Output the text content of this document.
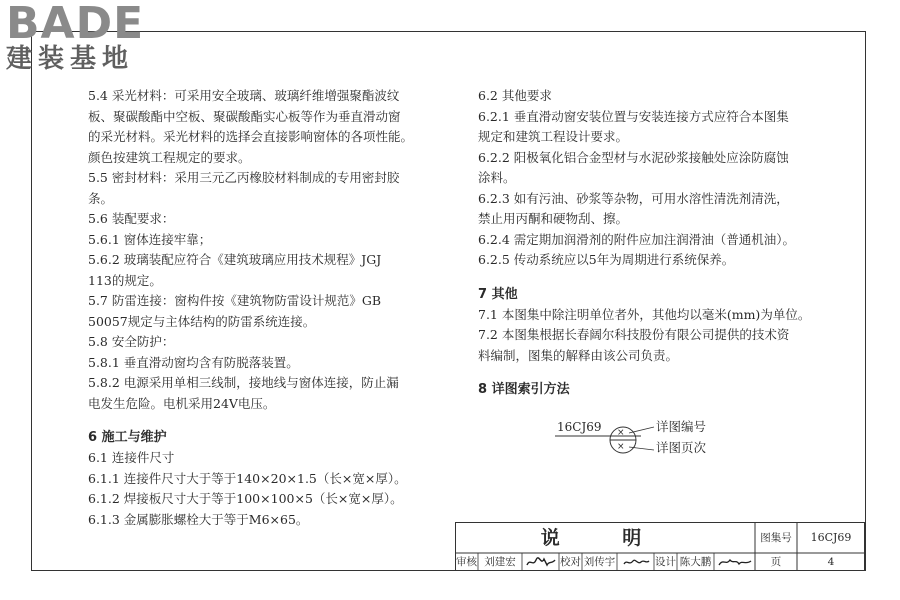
BADE
建装基地
5.4 采光材料：可采用安全玻璃、玻璃纤维增强聚酯波纹
板、聚碳酸酯中空板、聚碳酸酯实心板等作为垂直滑动窗
的采光材料。采光材料的选择会直接影响窗体的各项性能。
颜色按建筑工程规定的要求。
5.5 密封材料：采用三元乙丙橡胶材料制成的专用密封胶
条。
5.6 装配要求：
5.6.1 窗体连接牢靠；
5.6.2 玻璃装配应符合《建筑玻璃应用技术规程》JGJ
113的规定。
5.7 防雷连接：窗构件按《建筑物防雷设计规范》GB
50057规定与主体结构的防雷系统连接。
5.8 安全防护：
5.8.1 垂直滑动窗均含有防脱落装置。
5.8.2 电源采用单相三线制，接地线与窗体连接，防止漏
电发生危险。电机采用24V电压。
6 施工与维护
6.1 连接件尺寸
6.1.1 连接件尺寸大于等于140×20×1.5（长×宽×厚）。
6.1.2 焊接板尺寸大于等于100×100×5（长×宽×厚）。
6.1.3 金属膨胀螺栓大于等于M6×65。
6.2 其他要求
6.2.1 垂直滑动窗安装位置与安装连接方式应符合本图集
规定和建筑工程设计要求。
6.2.2 阳极氧化铝合金型材与水泥砂浆接触处应涂防腐蚀
涂料。
6.2.3 如有污油、砂浆等杂物，可用水溶性清洗剂清洗，
禁止用丙酮和硬物刮、擦。
6.2.4 需定期加润滑剂的附件应加注润滑油（普通机油）。
6.2.5 传动系统应以5年为周期进行系统保养。
7 其他
7.1 本图集中除注明单位者外，其他均以毫米(mm)为单位。
7.2 本图集根据长春阔尔科技股份有限公司提供的技术资
料编制，图集的解释由该公司负责。
8 详图索引方法
16CJ69 ×
×
详图编号
详图页次
说 明	图集号	16CJ69
审核 刘建宏	校对 刘传宇	设计 陈大鹏	页	4
